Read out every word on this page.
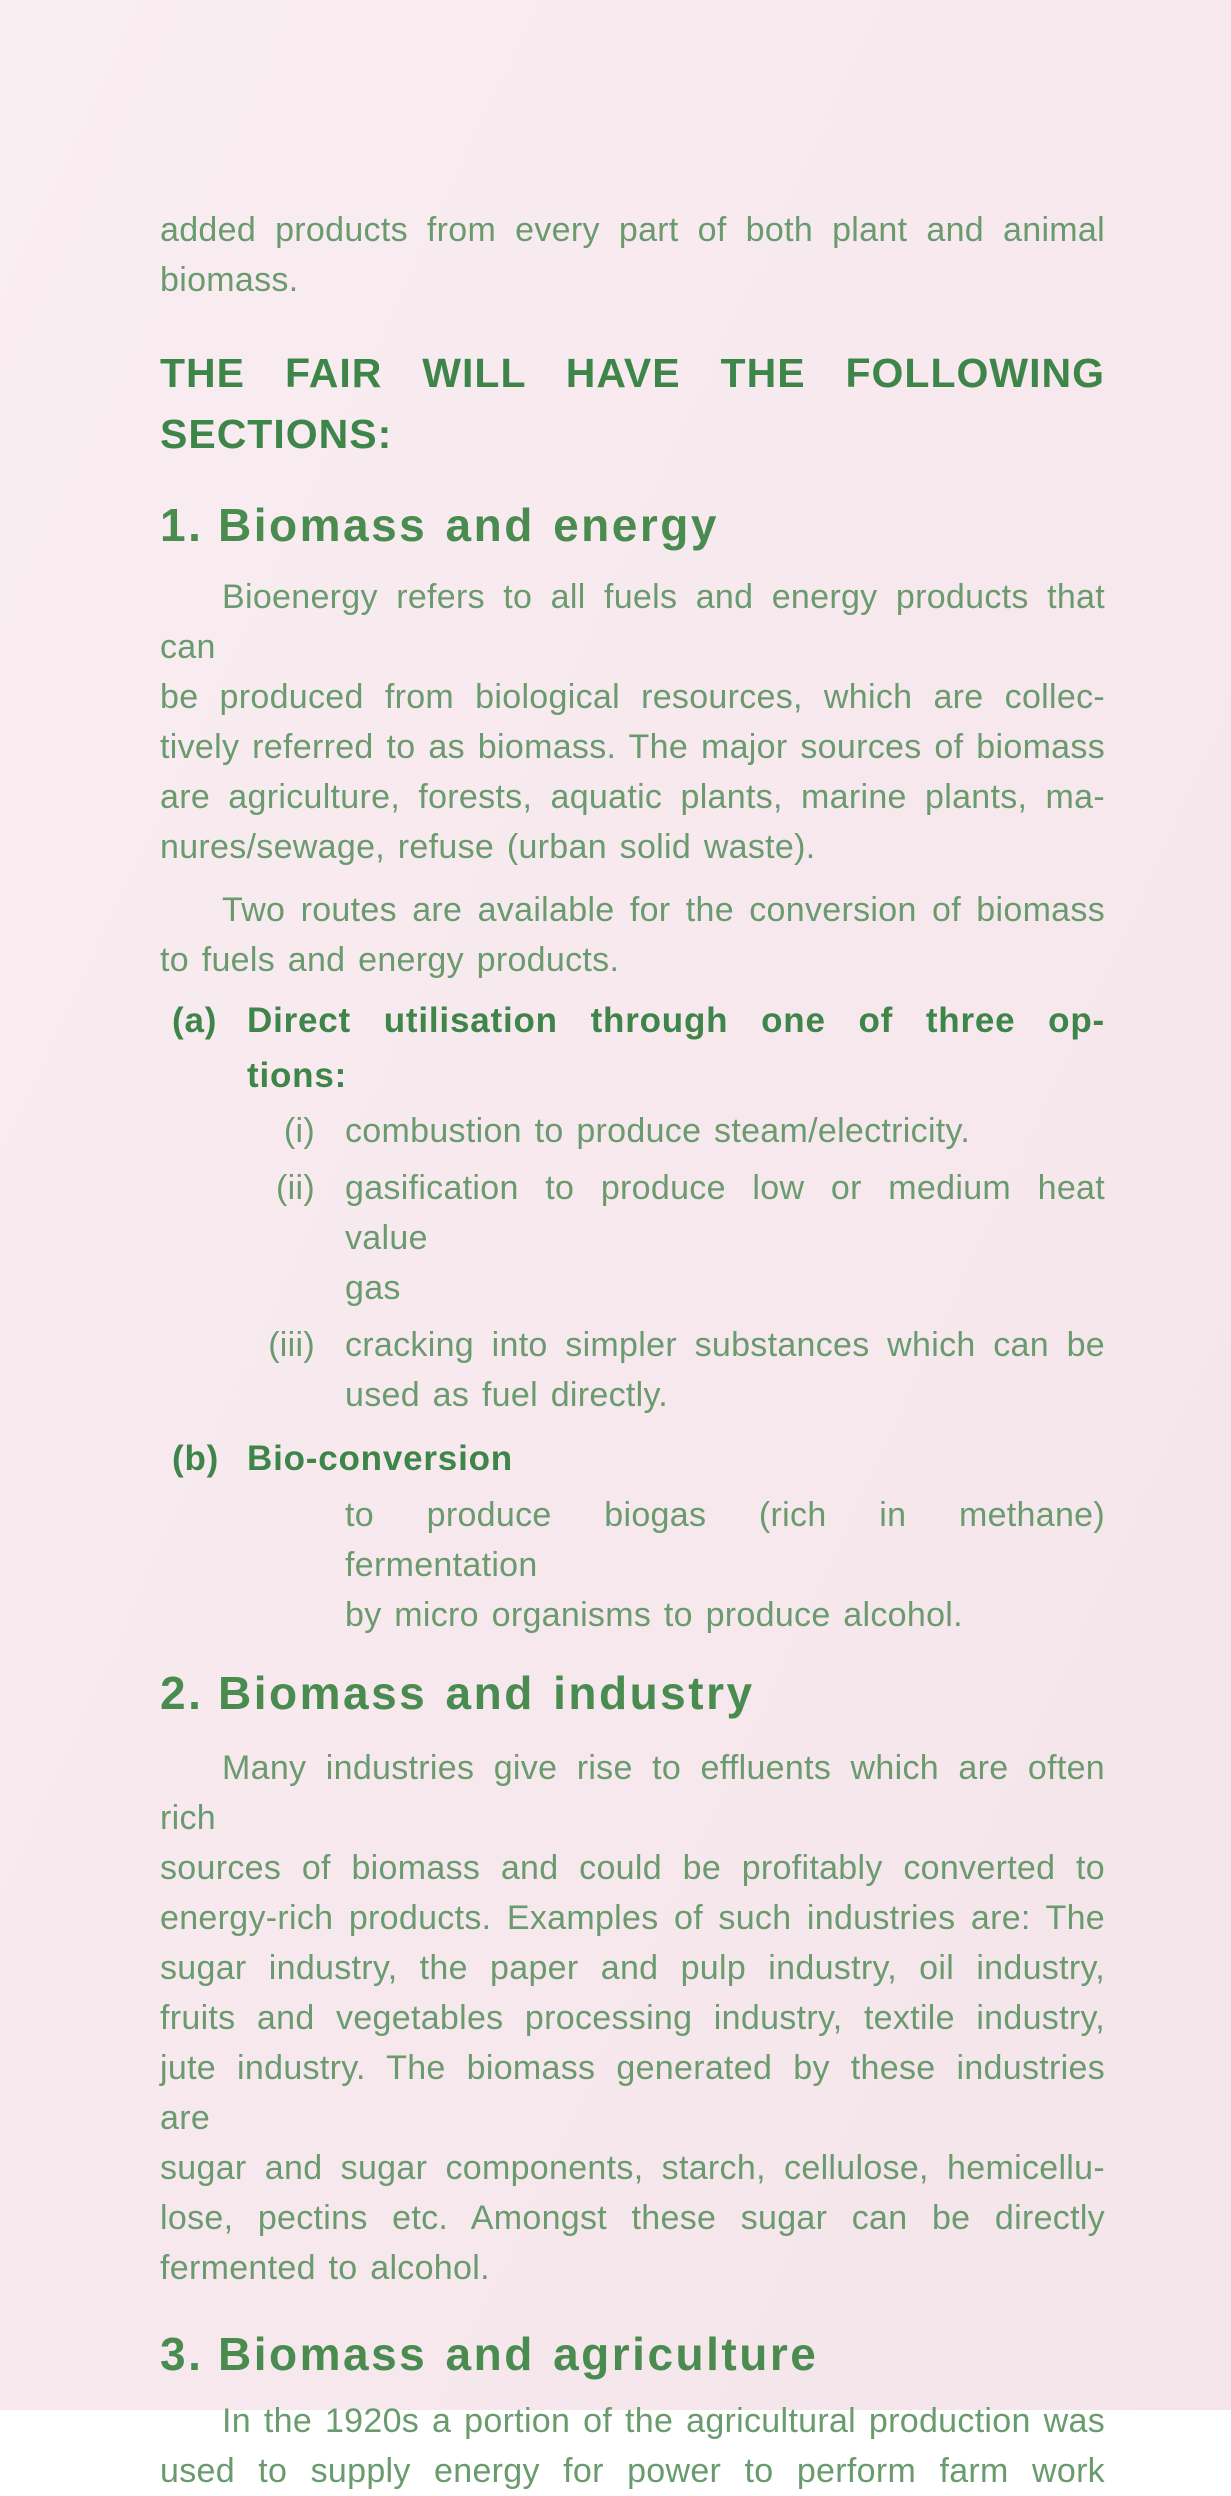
added products from every part of both plant and animal
biomass.
THE FAIR WILL HAVE THE FOLLOWING
SECTIONS:
1. Biomass and energy
Bioenergy refers to all fuels and energy products that can
be produced from biological resources, which are collec-
tively referred to as biomass. The major sources of biomass
are agriculture, forests, aquatic plants, marine plants, ma-
nures/sewage, refuse (urban solid waste).
Two routes are available for the conversion of biomass
to fuels and energy products.
(a) Direct utilisation through one of three op-
tions:
(i) combustion to produce steam/electricity.
(ii) gasification to produce low or medium heat value
gas
(iii) cracking into simpler substances which can be
used as fuel directly.
(b) Bio-conversion
to produce biogas (rich in methane) fermentation
by micro organisms to produce alcohol.
2. Biomass and industry
Many industries give rise to effluents which are often rich
sources of biomass and could be profitably converted to
energy-rich products. Examples of such industries are: The
sugar industry, the paper and pulp industry, oil industry,
fruits and vegetables processing industry, textile industry,
jute industry. The biomass generated by these industries are
sugar and sugar components, starch, cellulose, hemicellu-
lose, pectins etc. Amongst these sugar can be directly
fermented to alcohol.
3. Biomass and agriculture
In the 1920s a portion of the agricultural production was
used to supply energy for power to perform farm work
